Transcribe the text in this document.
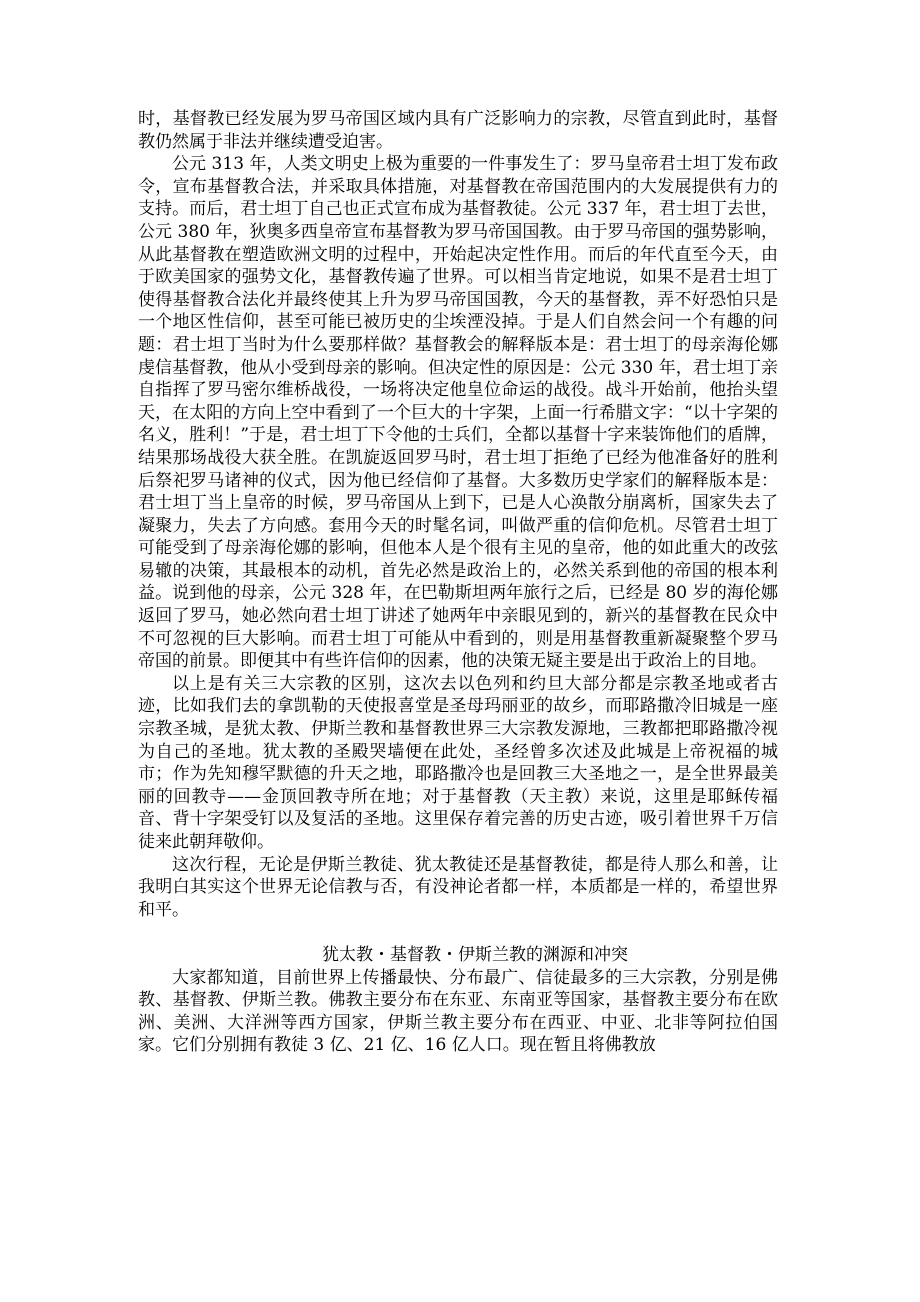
时，基督教已经发展为罗马帝国区域内具有广泛影响力的宗教，尽管直到此时，基督教仍然属于非法并继续遭受迫害。

公元 313 年，人类文明史上极为重要的一件事发生了：罗马皇帝君士坦丁发布政令，宣布基督教合法，并采取具体措施，对基督教在帝国范围内的大发展提供有力的支持。而后，君士坦丁自己也正式宣布成为基督教徒。公元 337 年，君士坦丁去世，公元 380 年，狄奥多西皇帝宣布基督教为罗马帝国国教。由于罗马帝国的强势影响，从此基督教在塑造欧洲文明的过程中，开始起决定性作用。而后的年代直至今天，由于欧美国家的强势文化，基督教传遍了世界。可以相当肯定地说，如果不是君士坦丁使得基督教合法化并最终使其上升为罗马帝国国教，今天的基督教，弄不好恐怕只是一个地区性信仰，甚至可能已被历史的尘埃湮没掉。于是人们自然会问一个有趣的问题：君士坦丁当时为什么要那样做？基督教会的解释版本是：君士坦丁的母亲海伦娜虔信基督教，他从小受到母亲的影响。但决定性的原因是：公元 330 年，君士坦丁亲自指挥了罗马密尔维桥战役，一场将决定他皇位命运的战役。战斗开始前，他抬头望天，在太阳的方向上空中看到了一个巨大的十字架，上面一行希腊文字：“以十字架的名义，胜利！”于是，君士坦丁下令他的士兵们，全都以基督十字来装饰他们的盾牌，结果那场战役大获全胜。在凯旋返回罗马时，君士坦丁拒绝了已经为他准备好的胜利后祭祀罗马诸神的仪式，因为他已经信仰了基督。大多数历史学家们的解释版本是：君士坦丁当上皇帝的时候，罗马帝国从上到下，已是人心涣散分崩离析，国家失去了凝聚力，失去了方向感。套用今天的时髦名词，叫做严重的信仰危机。尽管君士坦丁可能受到了母亲海伦娜的影响，但他本人是个很有主见的皇帝，他的如此重大的改弦易辙的决策，其最根本的动机，首先必然是政治上的，必然关系到他的帝国的根本利益。说到他的母亲，公元 328 年，在巴勒斯坦两年旅行之后，已经是 80 岁的海伦娜返回了罗马，她必然向君士坦丁讲述了她两年中亲眼见到的，新兴的基督教在民众中不可忽视的巨大影响。而君士坦丁可能从中看到的，则是用基督教重新凝聚整个罗马帝国的前景。即便其中有些许信仰的因素，他的决策无疑主要是出于政治上的目地。

以上是有关三大宗教的区别，这次去以色列和约旦大部分都是宗教圣地或者古迹，比如我们去的拿凯勒的天使报喜堂是圣母玛丽亚的故乡，而耶路撒冷旧城是一座宗教圣城，是犹太教、伊斯兰教和基督教世界三大宗教发源地，三教都把耶路撒冷视为自己的圣地。犹太教的圣殿哭墙便在此处，圣经曾多次述及此城是上帝祝福的城市；作为先知穆罕默德的升天之地，耶路撒冷也是回教三大圣地之一，是全世界最美丽的回教寺——金顶回教寺所在地；对于基督教（天主教）来说，这里是耶稣传福音、背十字架受钉以及复活的圣地。这里保存着完善的历史古迹，吸引着世界千万信徒来此朝拜敬仰。

这次行程，无论是伊斯兰教徒、犹太教徒还是基督教徒，都是待人那么和善，让我明白其实这个世界无论信教与否，有没神论者都一样，本质都是一样的，希望世界和平。

犹太教・基督教・伊斯兰教的渊源和冲突

大家都知道，目前世界上传播最快、分布最广、信徒最多的三大宗教，分别是佛教、基督教、伊斯兰教。佛教主要分布在东亚、东南亚等国家，基督教主要分布在欧洲、美洲、大洋洲等西方国家，伊斯兰教主要分布在西亚、中亚、北非等阿拉伯国家。它们分别拥有教徒 3 亿、21 亿、16 亿人口。现在暂且将佛教放
